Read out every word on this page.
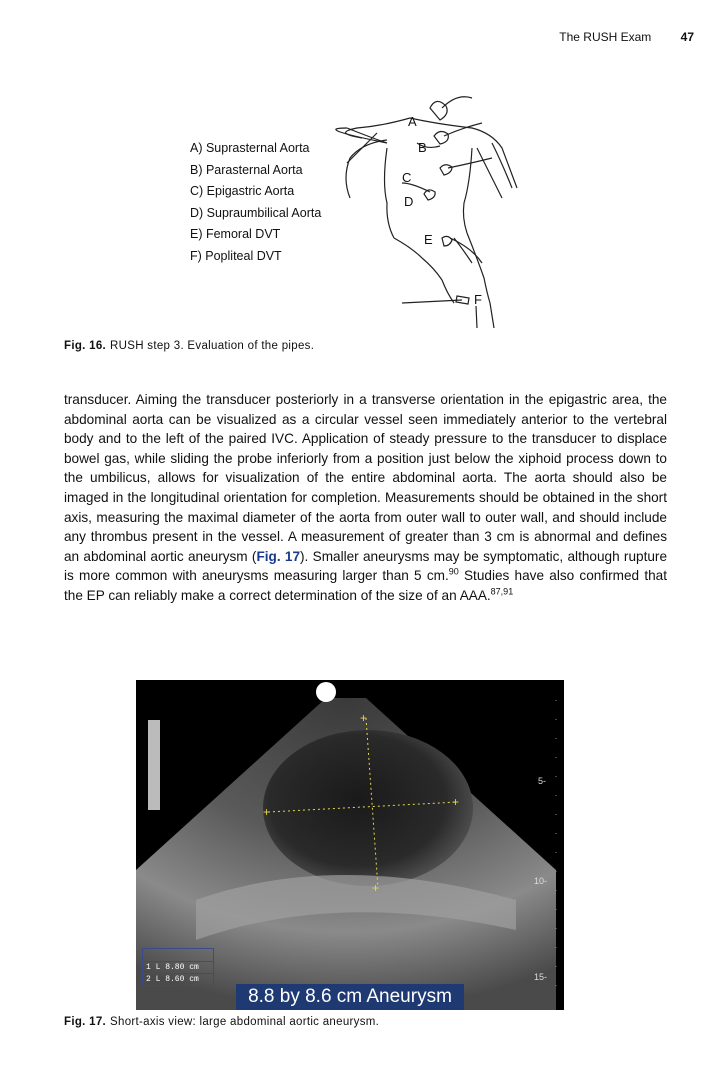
The RUSH Exam 47
A
B
C
D
E
F
A) Suprasternal Aorta
B) Parasternal Aorta
C) Epigastric Aorta
D) Supraumbilical Aorta
E) Femoral DVT
F) Popliteal DVT
Fig. 16. RUSH step 3. Evaluation of the pipes.
transducer. Aiming the transducer posteriorly in a transverse orientation in the epigastric area, the abdominal aorta can be visualized as a circular vessel seen immediately anterior to the vertebral body and to the left of the paired IVC. Application of steady pressure to the transducer to displace bowel gas, while sliding the probe inferiorly from a position just below the xiphoid process down to the umbilicus, allows for visualization of the entire abdominal aorta. The aorta should also be imaged in the longitudinal orientation for completion. Measurements should be obtained in the short axis, measuring the maximal diameter of the aorta from outer wall to outer wall, and should include any thrombus present in the vessel. A measurement of greater than 3 cm is abnormal and defines an abdominal aortic aneurysm (Fig. 17). Smaller aneurysms may be symptomatic, although rupture is more common with aneurysms measuring larger than 5 cm.$^{90}$ Studies have also confirmed that the EP can reliably make a correct determination of the size of an AAA.$^{87,91}$
+
+
+
+
5-
10-
15-
1 L 8.80 cm
2 L 8.60 cm
8.8 by 8.6 cm Aneurysm
Fig. 17. Short-axis view: large abdominal aortic aneurysm.
